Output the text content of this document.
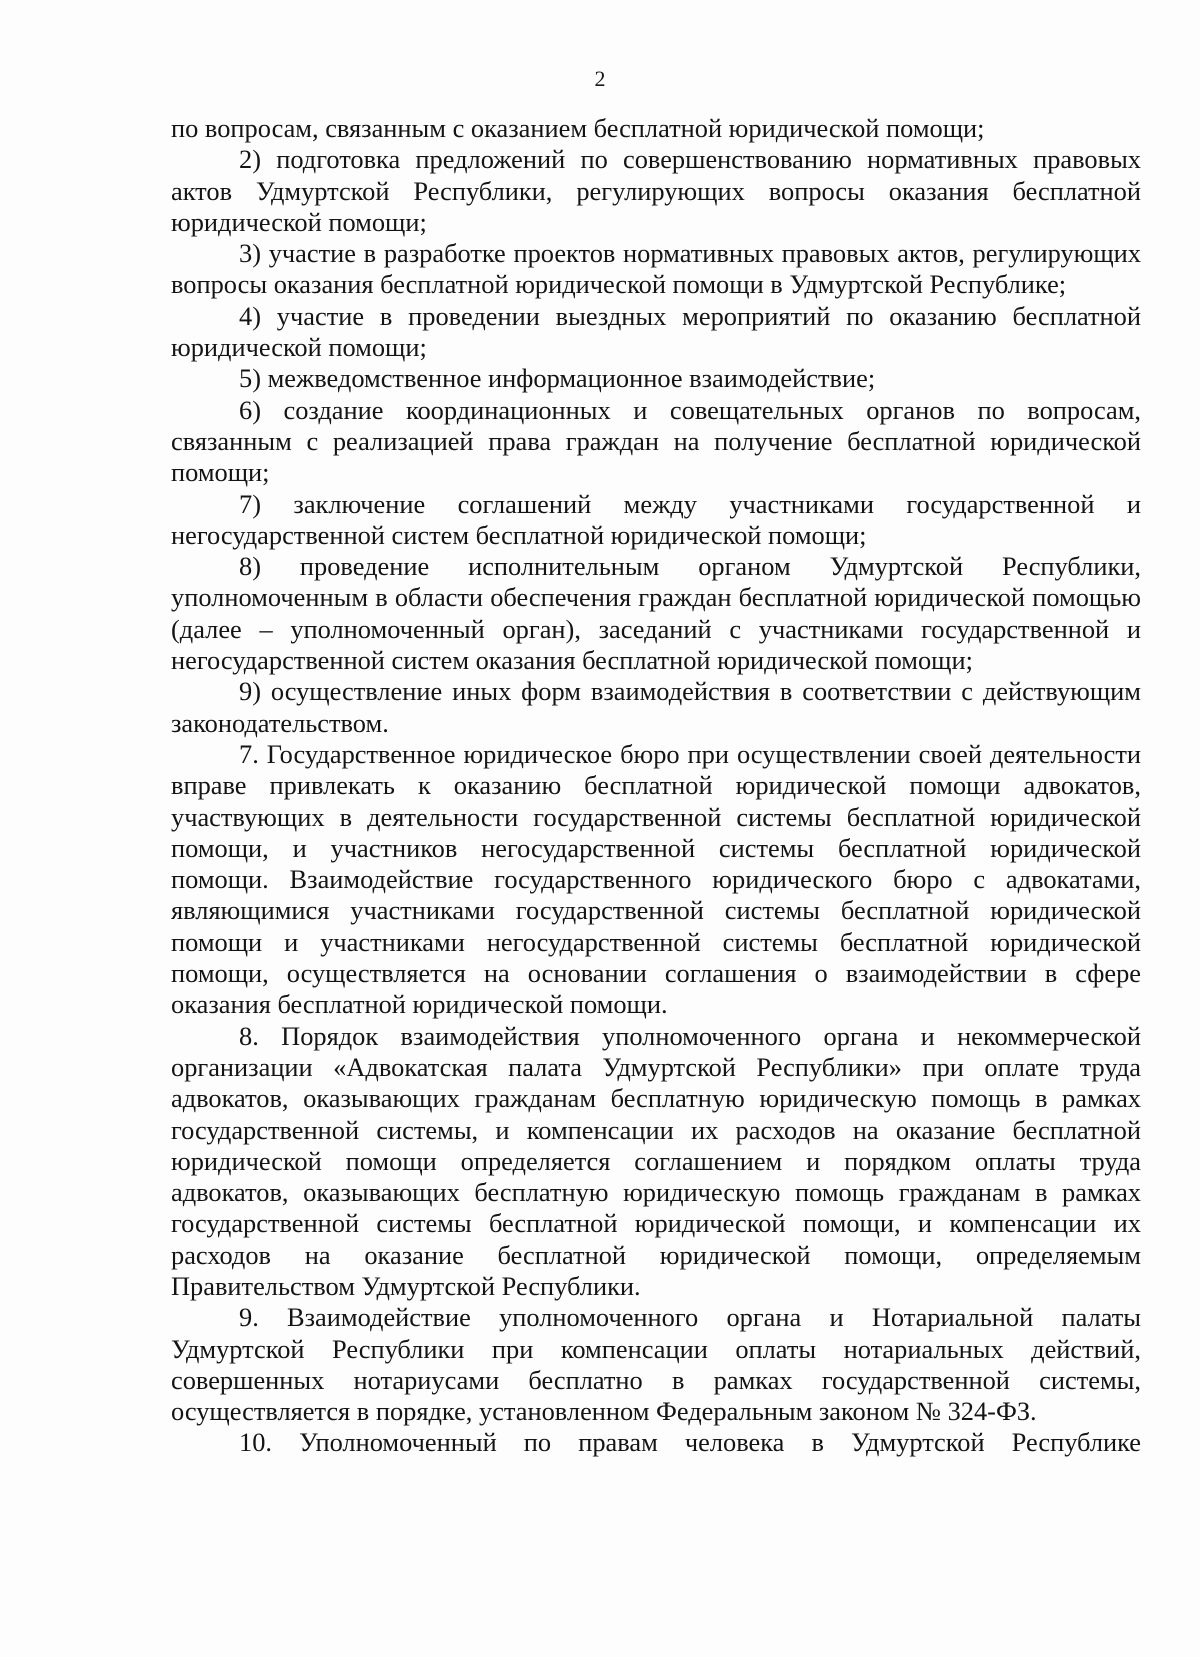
2

по вопросам, связанным с оказанием бесплатной юридической помощи;

2) подготовка предложений по совершенствованию нормативных правовых актов Удмуртской Республики, регулирующих вопросы оказания бесплатной юридической помощи;

3) участие в разработке проектов нормативных правовых актов, регулирующих вопросы оказания бесплатной юридической помощи в Удмуртской Республике;

4) участие в проведении выездных мероприятий по оказанию бесплатной юридической помощи;

5) межведомственное информационное взаимодействие;

6) создание координационных и совещательных органов по вопросам, связанным с реализацией права граждан на получение бесплатной юридической помощи;

7) заключение соглашений между участниками государственной и негосударственной систем бесплатной юридической помощи;

8) проведение исполнительным органом Удмуртской Республики, уполномоченным в области обеспечения граждан бесплатной юридической помощью (далее – уполномоченный орган), заседаний с участниками государственной и негосударственной систем оказания бесплатной юридической помощи;

9) осуществление иных форм взаимодействия в соответствии с действующим законодательством.

7. Государственное юридическое бюро при осуществлении своей деятельности вправе привлекать к оказанию бесплатной юридической помощи адвокатов, участвующих в деятельности государственной системы бесплатной юридической помощи, и участников негосударственной системы бесплатной юридической помощи. Взаимодействие государственного юридического бюро с адвокатами, являющимися участниками государственной системы бесплатной юридической помощи и участниками негосударственной системы бесплатной юридической помощи, осуществляется на основании соглашения о взаимодействии в сфере оказания бесплатной юридической помощи.

8. Порядок взаимодействия уполномоченного органа и некоммерческой организации «Адвокатская палата Удмуртской Республики» при оплате труда адвокатов, оказывающих гражданам бесплатную юридическую помощь в рамках государственной системы, и компенсации их расходов на оказание бесплатной юридической помощи определяется соглашением и порядком оплаты труда адвокатов, оказывающих бесплатную юридическую помощь гражданам в рамках государственной системы бесплатной юридической помощи, и компенсации их расходов на оказание бесплатной юридической помощи, определяемым Правительством Удмуртской Республики.

9. Взаимодействие уполномоченного органа и Нотариальной палаты Удмуртской Республики при компенсации оплаты нотариальных действий, совершенных нотариусами бесплатно в рамках государственной системы, осуществляется в порядке, установленном Федеральным законом № 324-ФЗ.

10. Уполномоченный по правам человека в Удмуртской Республике
